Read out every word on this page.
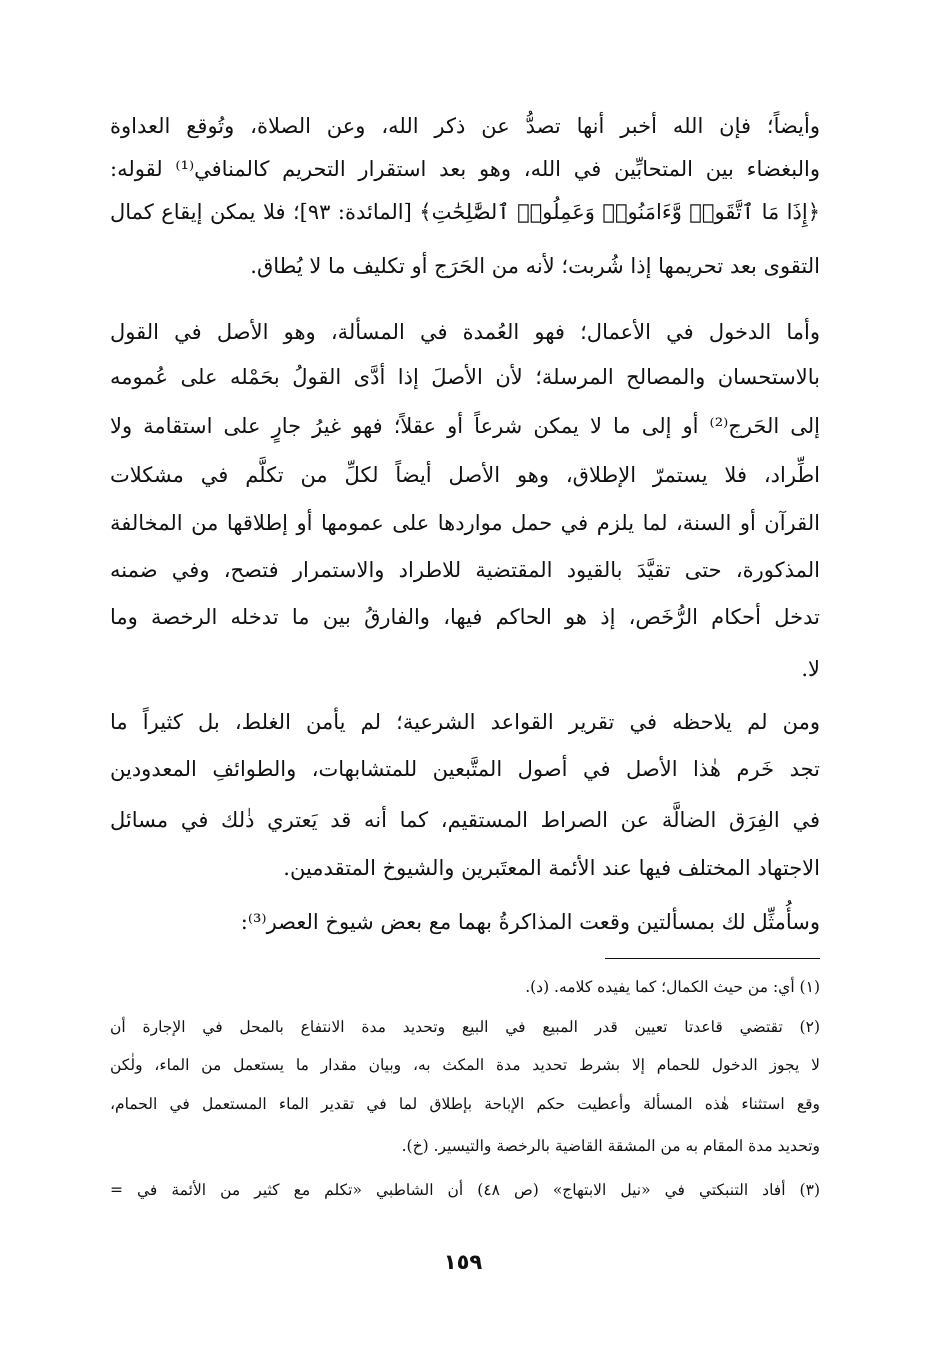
وأيضاً؛ فإن الله أخبر أنها تصدُّ عن ذكر الله، وعن الصلاة، وتُوقع العداوة
والبغضاء بين المتحابِّين في الله، وهو بعد استقرار التحريم كالمنافي⁽¹⁾ لقوله:
﴿إِذَا مَا ٱتَّقَوا۟ وَّءَامَنُوا۟ وَعَمِلُوا۟ ٱلصَّٰلِحَٰتِ﴾ [المائدة: ٩٣]؛ فلا يمكن إيقاع كمال
التقوى بعد تحريمها إذا شُربت؛ لأنه من الحَرَج أو تكليف ما لا يُطاق.
وأما الدخول في الأعمال؛ فهو العُمدة في المسألة، وهو الأصل في القول
بالاستحسان والمصالح المرسلة؛ لأن الأصلَ إذا أدَّى القولُ بحَمْله على عُمومه
إلى الحَرج⁽²⁾ أو إلى ما لا يمكن شرعاً أو عقلاً؛ فهو غيرُ جارٍ على استقامة ولا
اطِّراد، فلا يستمرّ الإطلاق، وهو الأصل أيضاً لكلِّ من تكلَّم في مشكلات
القرآن أو السنة، لما يلزم في حمل مواردها على عمومها أو إطلاقها من المخالفة
المذكورة، حتى تقيَّدَ بالقيود المقتضية للاطراد والاستمرار فتصح، وفي ضمنه
تدخل أحكام الرُّخَص، إذ هو الحاكم فيها، والفارقُ بين ما تدخله الرخصة وما
لا.
ومن لم يلاحظه في تقرير القواعد الشرعية؛ لم يأمن الغلط، بل كثيراً ما
تجد خَرم هٰذا الأصل في أصول المتَّبعين للمتشابهات، والطوائفِ المعدودين
في الفِرَق الضالَّة عن الصراط المستقيم، كما أنه قد يَعتري ذٰلك في مسائل
الاجتهاد المختلف فيها عند الأئمة المعتَبرين والشيوخ المتقدمين.
وسأُمثِّل لك بمسألتين وقعت المذاكرةُ بهما مع بعض شيوخ العصر⁽³⁾:
(١) أي: من حيث الكمال؛ كما يفيده كلامه. (د).
(٢) تقتضي قاعدتا تعيين قدر المبيع في البيع وتحديد مدة الانتفاع بالمحل في الإجارة أن
لا يجوز الدخول للحمام إلا بشرط تحديد مدة المكث به، وبيان مقدار ما يستعمل من الماء، ولٰكن
وقع استثناء هٰذه المسألة وأعطيت حكم الإباحة بإطلاق لما في تقدير الماء المستعمل في الحمام،
وتحديد مدة المقام به من المشقة القاضية بالرخصة والتيسير. (خ).
(٣) أفاد التنبكتي في «نيل الابتهاج» (ص ٤٨) أن الشاطبي «تكلم مع كثير من الأئمة في =
١٥٩
